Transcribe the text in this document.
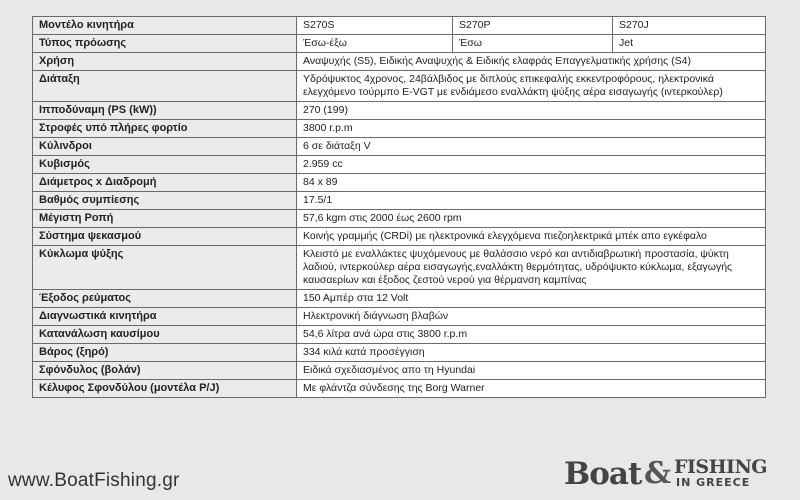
Μοντέλο κινητήρα	S270S	S270P	S270J
Τύπος πρόωσης	Έσω-έξω	Έσω	Jet
Χρήση	Αναψυχής (S5), Ειδικής Αναψυχής & Ειδικής ελαφράς Επαγγελματικής χρήσης (S4)		
Διάταξη	Υδρόψυκτος 4χρονος, 24βάλβιδος με διπλούς επικεφαλής εκκεντροφόρους, ηλεκτρονικά ελεγχόμενο τούρμπο E-VGT με ενδιάμεσο εναλλάκτη ψύξης αέρα εισαγωγής (ιντερκούλερ)		
Ιπποδύναμη (PS (kW))	270 (199)		
Στροφές υπό πλήρες φορτίο	3800 r.p.m		
Κύλινδροι	6 σε διάταξη V		
Κυβισμός	2.959 cc		
Διάμετρος x Διαδρομή	84 x 89		
Βαθμός συμπίεσης	17.5/1		
Μέγιστη Ροπή	57,6 kgm στις 2000 έως 2600 rpm		
Σύστημα ψεκασμού	Κοινής γραμμής (CRDi) με ηλεκτρονικά ελεγχόμενα πιεζοηλεκτρικά μπέκ απο εγκέφαλο		
Κύκλωμα ψύξης	Κλειστό με εναλλάκτες ψυχόμενους με θαλάσσιο νερό και αντιδιαβρωτική προστασία, ψύκτη λαδιού, ιντερκούλερ αέρα εισαγωγής,εναλλάκτη θερμότητας, υδρόψυκτο κύκλωμα, εξαγωγής καυσαερίων και έξοδος ζεστού νερού για θέρμανση καμπίνας		
Έξοδος ρεύματος	150 Αμπέρ στα 12 Volt		
Διαγνωστικά κινητήρα	Ηλεκτρονική διάγνωση βλαβών		
Κατανάλωση καυσίμου	54,6 λίτρα ανά ώρα στις 3800 r.p.m		
Βάρος (ξηρό)	334 κιλά κατά προσέγγιση		
Σφόνδυλος (βολάν)	Ειδικά σχεδιασμένος απο τη Hyundai		
Κέλυφος Σφονδύλου (μοντέλα P/J)	Με φλάντζα σύνδεσης της Borg Warner		
www.BoatFishing.gr	Boat & FISHING
IN GREECE
